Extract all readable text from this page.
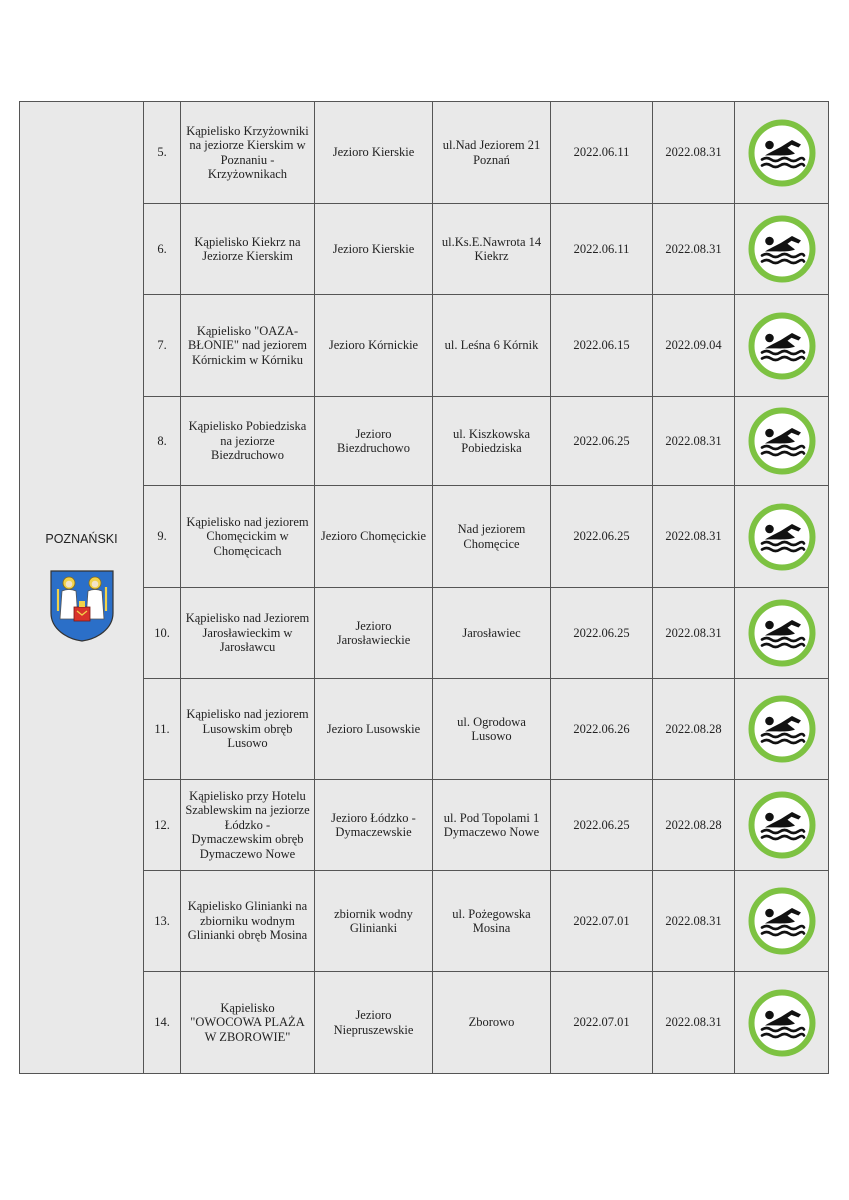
POZNAŃSKI	5.	Kąpielisko Krzyżowniki na jeziorze Kierskim w Poznaniu - Krzyżownikach	Jezioro Kierskie	ul.Nad Jeziorem 21 Poznań	2022.06.11	2022.08.31	

	6.	Kąpielisko Kiekrz na Jeziorze Kierskim	Jezioro Kierskie	ul.Ks.E.Nawrota 14 Kiekrz	2022.06.11	2022.08.31	

	7.	Kąpielisko "OAZA-BŁONIE" nad jeziorem Kórnickim w Kórniku	Jezioro Kórnickie	ul. Leśna 6 Kórnik	2022.06.15	2022.09.04	

	8.	Kąpielisko Pobiedziska na jeziorze Biezdruchowo	Jezioro Biezdruchowo	ul. Kiszkowska Pobiedziska	2022.06.25	2022.08.31	

	9.	Kąpielisko nad jeziorem Chomęcickim w Chomęcicach	Jezioro Chomęcickie	Nad jeziorem Chomęcice	2022.06.25	2022.08.31	

	10.	Kąpielisko nad Jeziorem Jarosławieckim w Jarosławcu	Jezioro Jarosławieckie	Jarosławiec	2022.06.25	2022.08.31	

	11.	Kąpielisko nad jeziorem Lusowskim obręb Lusowo	Jezioro Lusowskie	ul. Ogrodowa Lusowo	2022.06.26	2022.08.28	

	12.	Kąpielisko przy Hotelu Szablewskim na jeziorze Łódzko - Dymaczewskim obręb Dymaczewo Nowe	Jezioro Łódzko - Dymaczewskie	ul. Pod Topolami 1 Dymaczewo Nowe	2022.06.25	2022.08.28	

	13.	Kąpielisko Glinianki na zbiorniku wodnym Glinianki obręb Mosina	zbiornik wodny Glinianki	ul. Pożegowska Mosina	2022.07.01	2022.08.31	

	14.	Kąpielisko "OWOCOWA PLAŻA W ZBOROWIE"	Jezioro Niepruszewskie	Zborowo	2022.07.01	2022.08.31	
